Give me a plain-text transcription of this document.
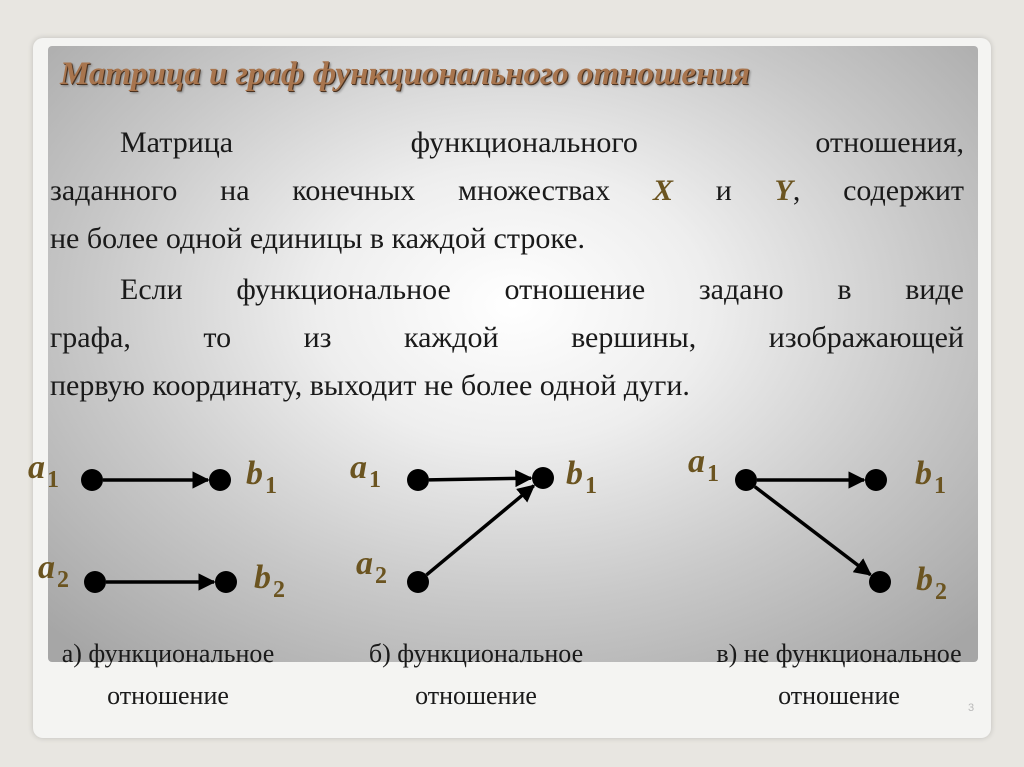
Матрица и граф функционального отношения
Матрица функционального отношения,
заданного на конечных множествах X и Y, содержит
не более одной единицы в каждой строке.
Если функциональное отношение задано в виде
графа, то из каждой вершины, изображающей
первую координату, выходит не более одной дуги.
$a_1$	$b_1$
$a_2$	$b_2$
$a_1$	$b_1$
$a_2$
$a_1$	$b_1$
$b_2$
а) функциональное
отношение
б) функциональное
отношение
в) не функциональное
отношение	3
